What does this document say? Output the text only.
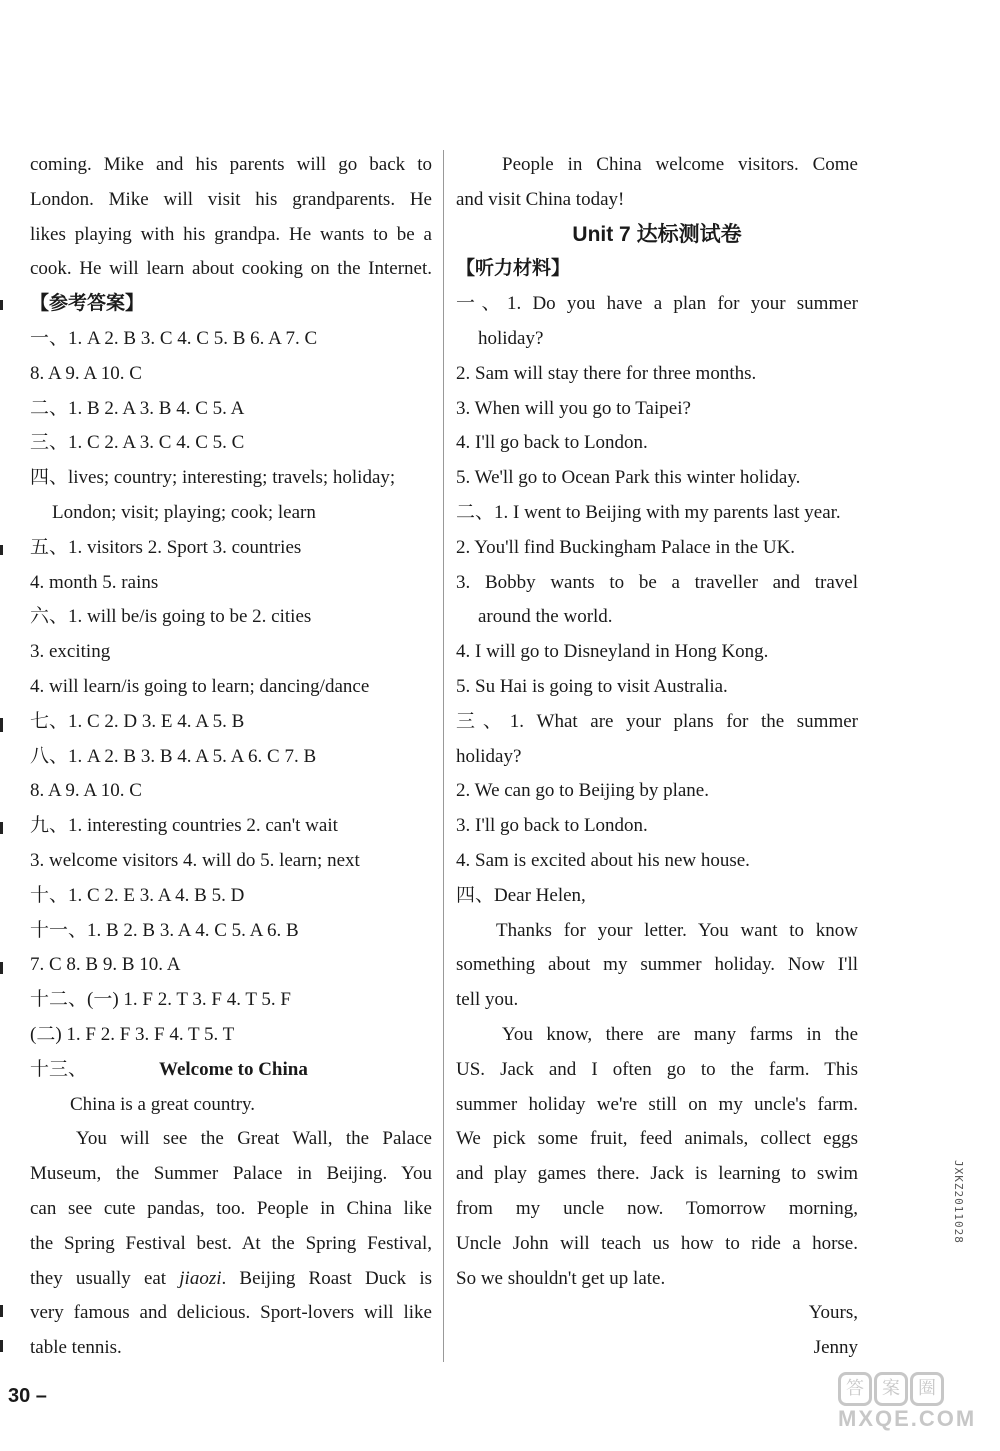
coming. Mike and his parents will go back to
London. Mike will visit his grandparents. He
likes playing with his grandpa. He wants to be a
cook. He will learn about cooking on the Internet.
【参考答案】
一、1. A 2. B 3. C 4. C 5. B 6. A 7. C
8. A 9. A 10. C
二、1. B 2. A 3. B 4. C 5. A
三、1. C 2. A 3. C 4. C 5. C
四、lives; country; interesting; travels; holiday;
London; visit; playing; cook; learn
五、1. visitors 2. Sport 3. countries
4. month 5. rains
六、1. will be/is going to be 2. cities
3. exciting
4. will learn/is going to learn; dancing/dance
七、1. C 2. D 3. E 4. A 5. B
八、1. A 2. B 3. B 4. A 5. A 6. C 7. B
8. A 9. A 10. C
九、1. interesting countries 2. can't wait
3. welcome visitors 4. will do 5. learn; next
十、1. C 2. E 3. A 4. B 5. D
十一、1. B 2. B 3. A 4. C 5. A 6. B
7. C 8. B 9. B 10. A
十二、(一) 1. F 2. T 3. F 4. T 5. F
(二) 1. F 2. F 3. F 4. T 5. T
十三、	Welcome to China
China is a great country.
You will see the Great Wall, the Palace
Museum, the Summer Palace in Beijing. You
can see cute pandas, too. People in China like
the Spring Festival best. At the Spring Festival,
they usually eat jiaozi. Beijing Roast Duck is
very famous and delicious. Sport-lovers will like
table tennis.
People in China welcome visitors. Come
and visit China today!
Unit 7 达标测试卷
【听力材料】
一、1. Do you have a plan for your summer
holiday?
2. Sam will stay there for three months.
3. When will you go to Taipei?
4. I'll go back to London.
5. We'll go to Ocean Park this winter holiday.
二、1. I went to Beijing with my parents last year.
2. You'll find Buckingham Palace in the UK.
3. Bobby wants to be a traveller and travel
around the world.
4. I will go to Disneyland in Hong Kong.
5. Su Hai is going to visit Australia.
三、1. What are your plans for the summer
holiday?
2. We can go to Beijing by plane.
3. I'll go back to London.
4. Sam is excited about his new house.
四、Dear Helen,
Thanks for your letter. You want to know
something about my summer holiday. Now I'll
tell you.
You know, there are many farms in the
US. Jack and I often go to the farm. This
summer holiday we're still on my uncle's farm.
We pick some fruit, feed animals, collect eggs
and play games there. Jack is learning to swim
from my uncle now. Tomorrow morning,
Uncle John will teach us how to ride a horse.
So we shouldn't get up late.
Yours,
Jenny
30 –
JXKZ2011028
答	案	圈
MXQE.COM
